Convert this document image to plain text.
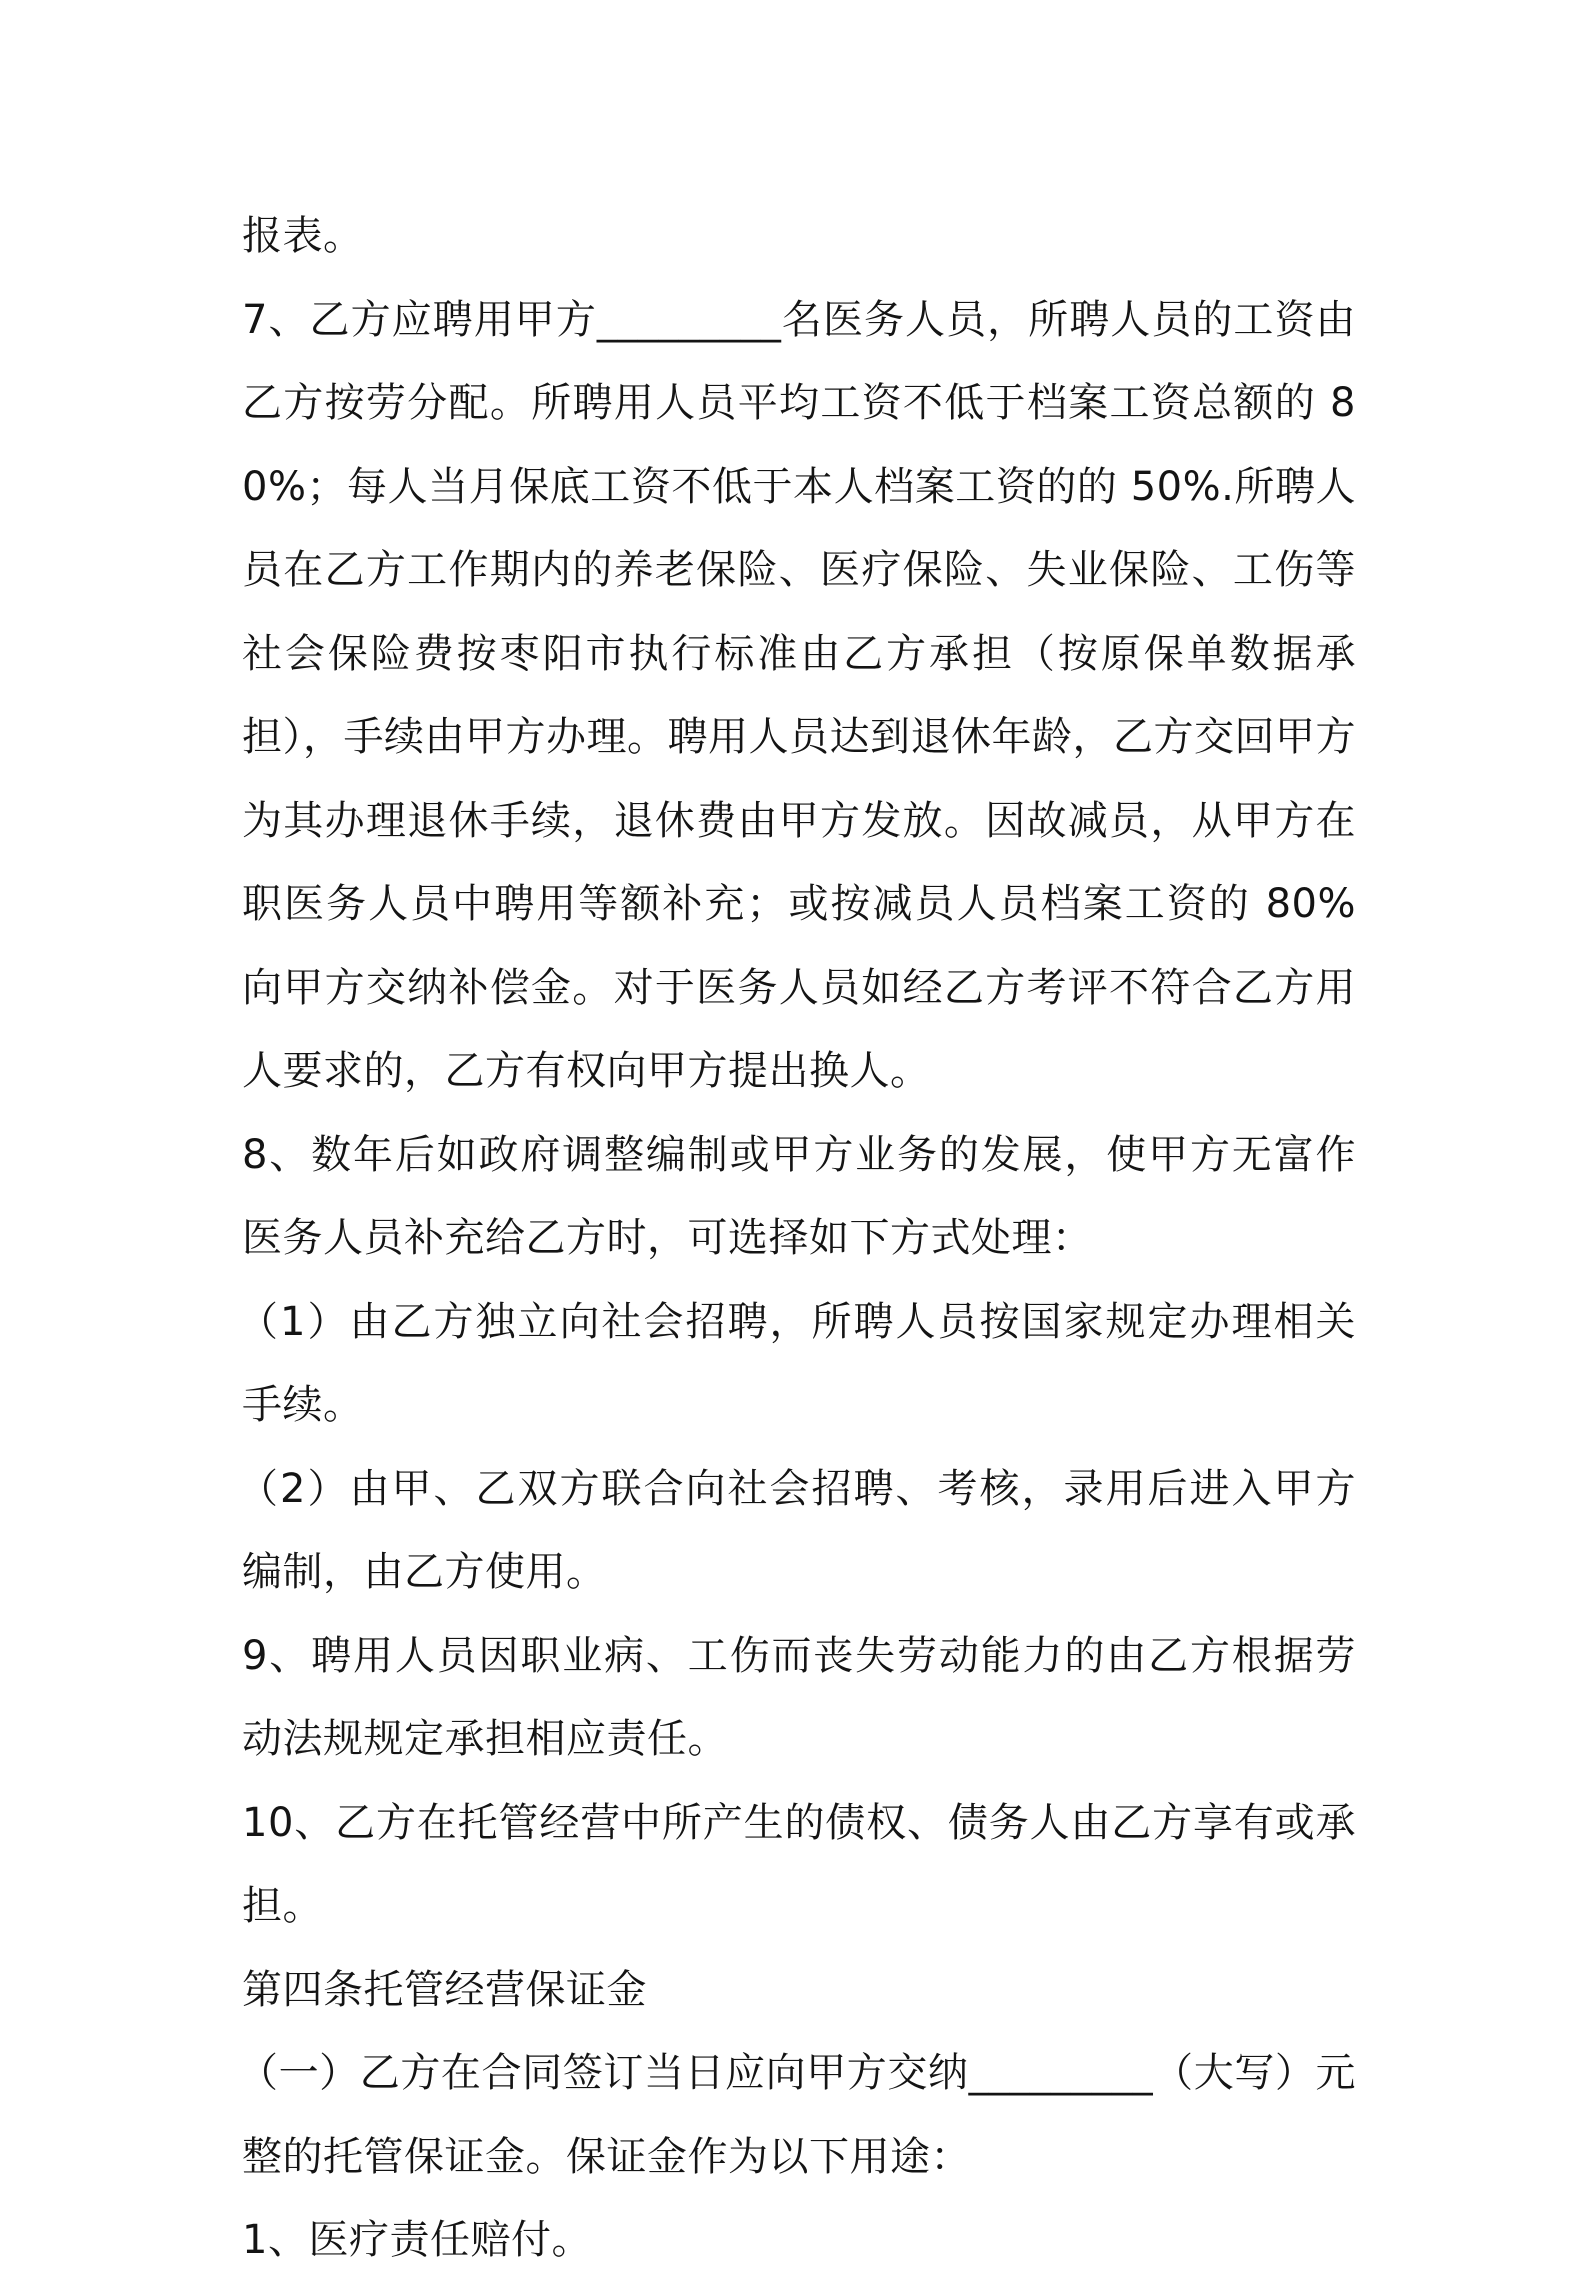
报表。

7、乙方应聘用甲方_________名医务人员，所聘人员的工资由乙方按劳分配。所聘用人员平均工资不低于档案工资总额的 80%；每人当月保底工资不低于本人档案工资的的 50%.所聘人员在乙方工作期内的养老保险、医疗保险、失业保险、工伤等社会保险费按枣阳市执行标准由乙方承担（按原保单数据承担），手续由甲方办理。聘用人员达到退休年龄，乙方交回甲方为其办理退休手续，退休费由甲方发放。因故减员，从甲方在职医务人员中聘用等额补充；或按减员人员档案工资的 80%向甲方交纳补偿金。对于医务人员如经乙方考评不符合乙方用人要求的，乙方有权向甲方提出换人。

8、数年后如政府调整编制或甲方业务的发展，使甲方无富作医务人员补充给乙方时，可选择如下方式处理：

（1）由乙方独立向社会招聘，所聘人员按国家规定办理相关手续。

（2）由甲、乙双方联合向社会招聘、考核，录用后进入甲方编制，由乙方使用。

9、聘用人员因职业病、工伤而丧失劳动能力的由乙方根据劳动法规规定承担相应责任。

10、乙方在托管经营中所产生的债权、债务人由乙方享有或承担。

第四条托管经营保证金

（一）乙方在合同签订当日应向甲方交纳_________（大写）元整的托管保证金。保证金作为以下用途：

1、医疗责任赔付。
